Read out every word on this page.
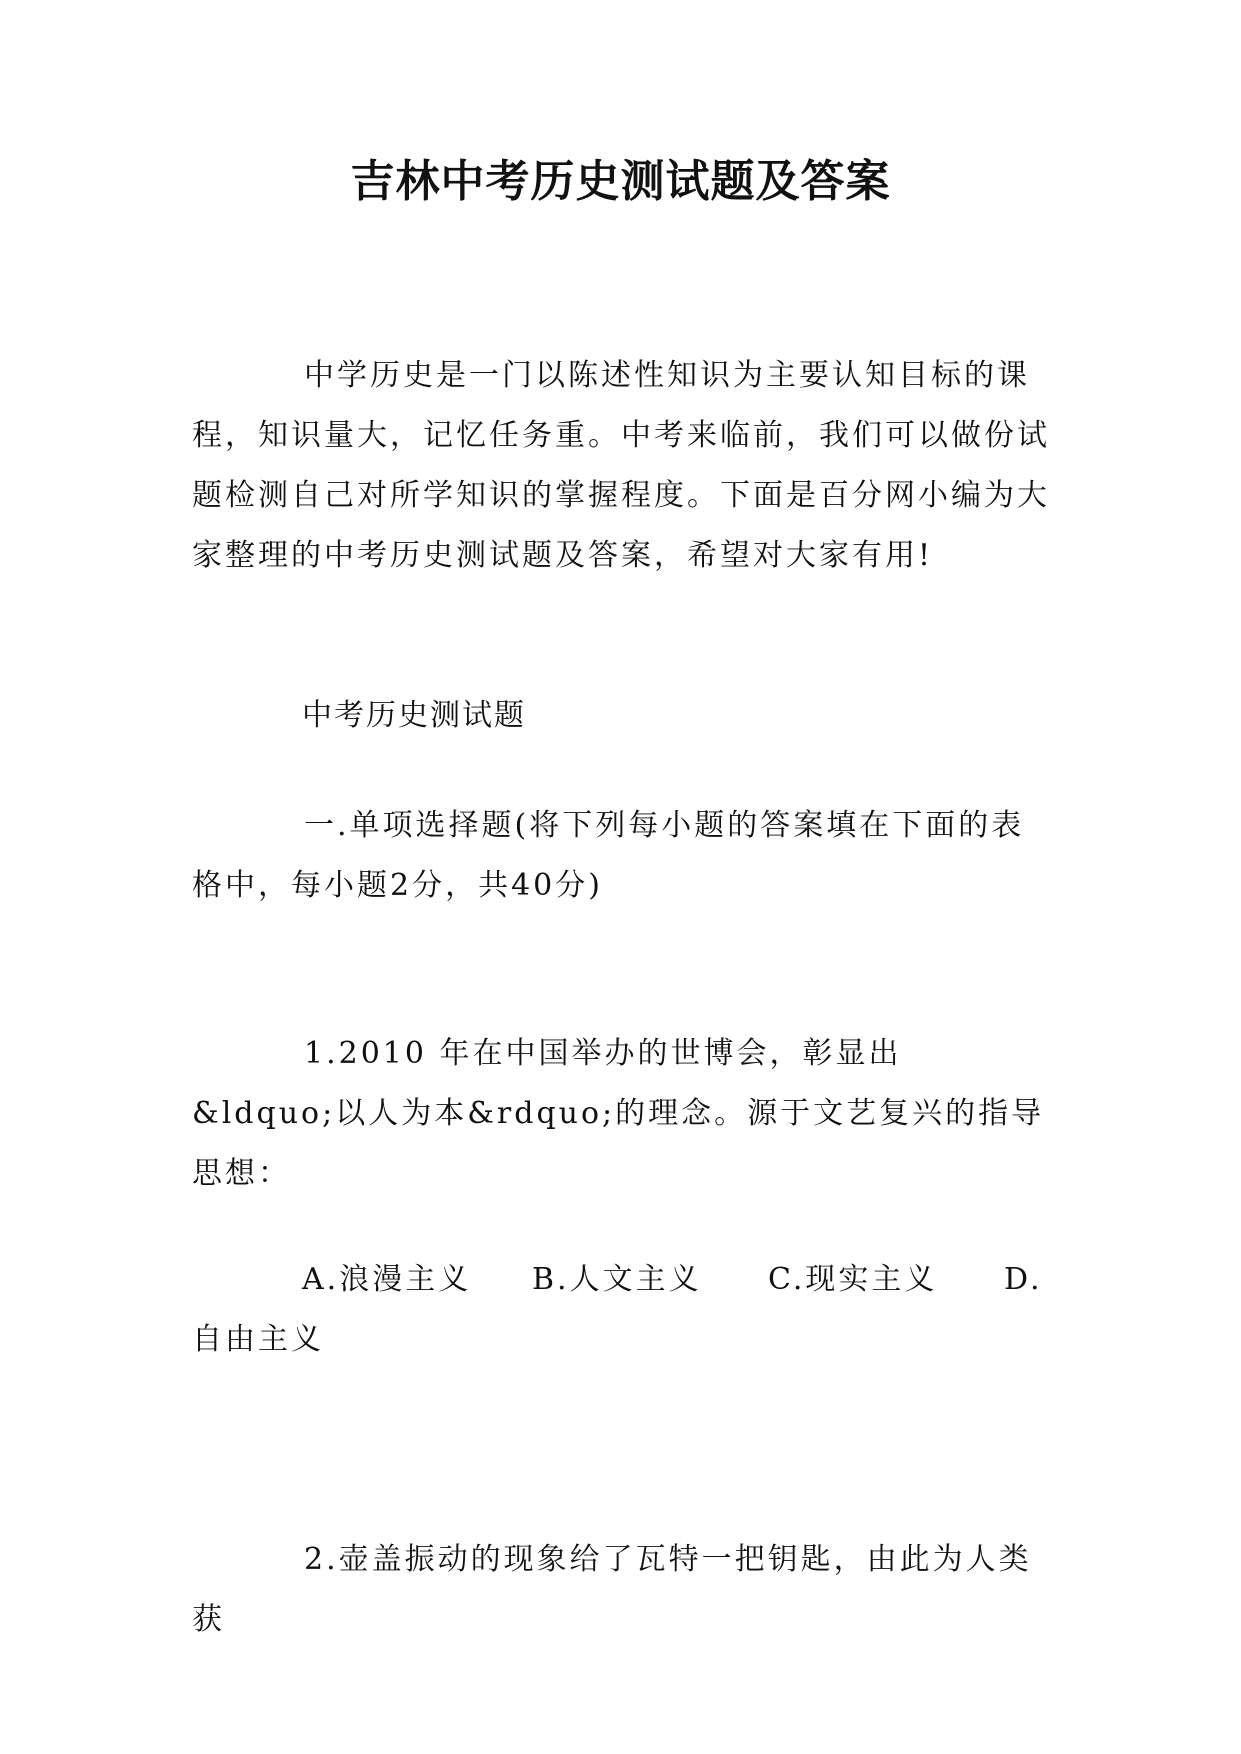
吉林中考历史测试题及答案

中学历史是一门以陈述性知识为主要认知目标的课程，知识量大，记忆任务重。中考来临前，我们可以做份试题检测自己对所学知识的掌握程度。下面是百分网小编为大家整理的中考历史测试题及答案，希望对大家有用!

中考历史测试题

一.单项选择题(将下列每小题的答案填在下面的表格中，每小题2分，共40分)

1.2010 年在中国举办的世博会，彰显出 &ldquo;以人为本&rdquo;的理念。源于文艺复兴的指导思想：

A.浪漫主义 B.人文主义 C.现实主义 D.
自由主义

2.壶盖振动的现象给了瓦特一把钥匙，由此为人类获
